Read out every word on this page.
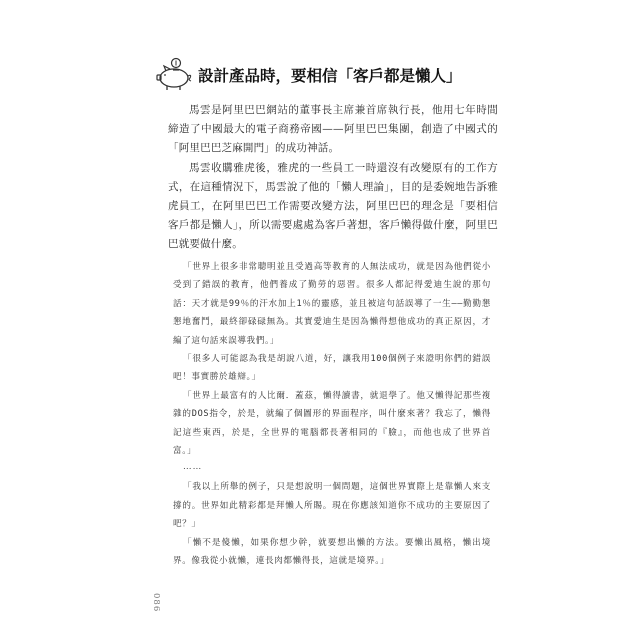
設計產品時，要相信「客戶都是懶人」

馬雲是阿里巴巴網站的董事長主席兼首席執行長，他用七年時間締造了中國最大的電子商務帝國——阿里巴巴集團，創造了中國式的「阿里巴巴芝麻開門」的成功神話。

馬雲收購雅虎後，雅虎的一些員工一時還沒有改變原有的工作方式，在這種情況下，馬雲說了他的「懶人理論」，目的是委婉地告訴雅虎員工，在阿里巴巴工作需要改變方法，阿里巴巴的理念是「要相信客戶都是懶人」，所以需要處處為客戶著想，客戶懶得做什麼，阿里巴巴就要做什麼。

「世界上很多非常聰明並且受過高等教育的人無法成功，就是因為他們從小受到了錯誤的教育，他們養成了勤勞的惡習。很多人都記得愛迪生說的那句話：天才就是99％的汗水加上1％的靈感，並且被這句話誤導了一生——勤勤懇懇地奮鬥，最終卻碌碌無為。其實愛迪生是因為懶得想他成功的真正原因，才編了這句話來誤導我們。」

「很多人可能認為我是胡說八道，好，讓我用100個例子來證明你們的錯誤吧！事實勝於雄辯。」

「世界上最富有的人比爾．蓋茲，懶得讀書，就退學了。他又懶得記那些複雜的DOS指令，於是，就編了個圖形的界面程序，叫什麼來著？我忘了，懶得記這些東西，於是，全世界的電腦都長著相同的『臉』，而他也成了世界首富。」

……

「我以上所舉的例子，只是想說明一個問題，這個世界實際上是靠懶人來支撐的。世界如此精彩都是拜懶人所賜。現在你應該知道你不成功的主要原因了吧？」

「懶不是傻懶，如果你想少幹，就要想出懶的方法。要懶出風格，懶出境界。像我從小就懶，連長肉都懶得長，這就是境界。」

086
